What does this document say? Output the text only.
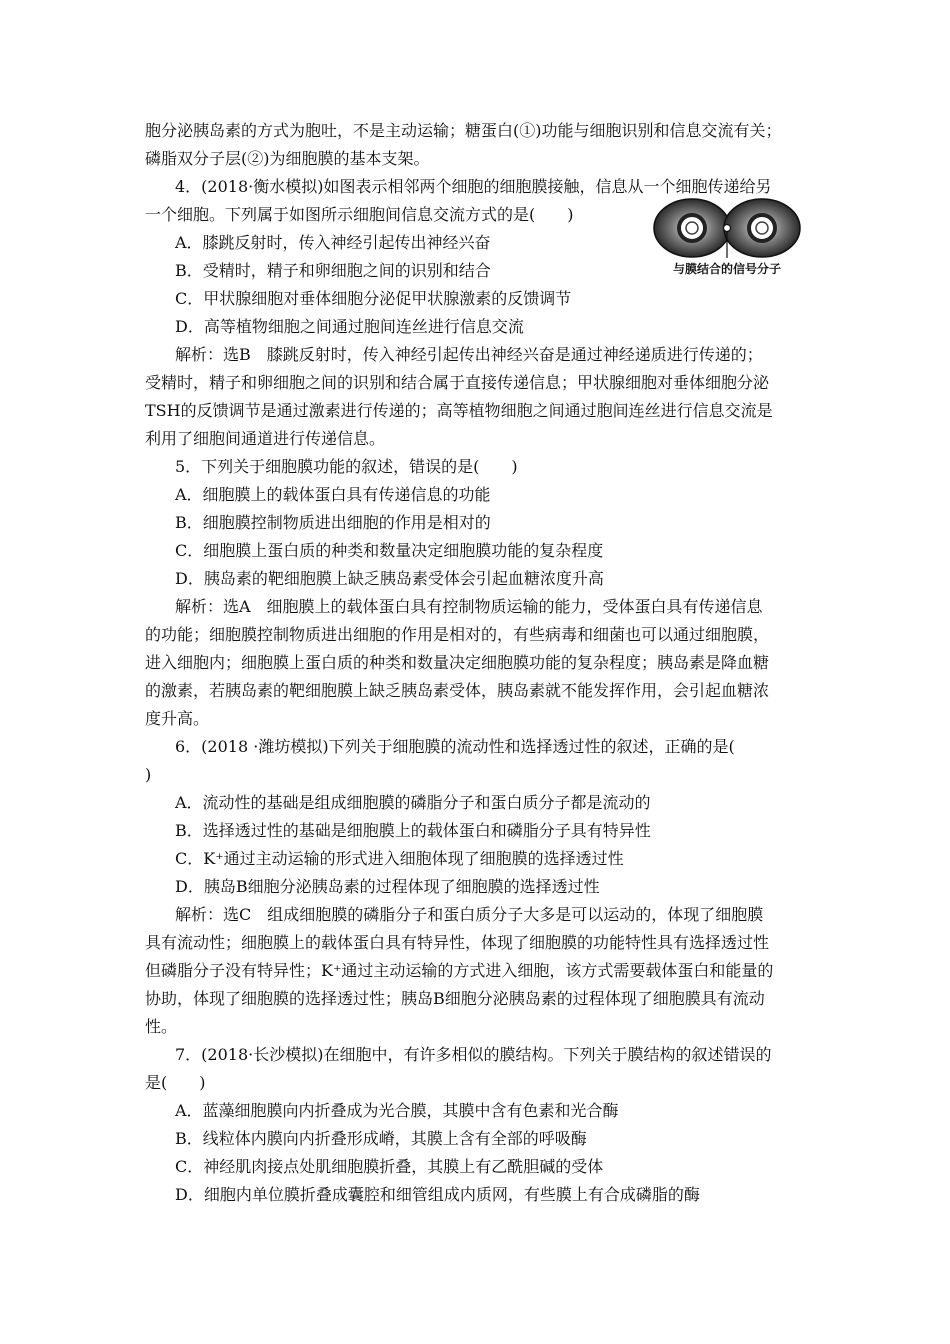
胞分泌胰岛素的方式为胞吐，不是主动运输；糖蛋白(①)功能与细胞识别和信息交流有关；
磷脂双分子层(②)为细胞膜的基本支架。
4．(2018·衡水模拟)如图表示相邻两个细胞的细胞膜接触，信息从一个细胞传递给另
一个细胞。下列属于如图所示细胞间信息交流方式的是(　　)
A．膝跳反射时，传入神经引起传出神经兴奋
B．受精时，精子和卵细胞之间的识别和结合
C．甲状腺细胞对垂体细胞分泌促甲状腺激素的反馈调节
D．高等植物细胞之间通过胞间连丝进行信息交流
解析：选B　膝跳反射时，传入神经引起传出神经兴奋是通过神经递质进行传递的；
受精时，精子和卵细胞之间的识别和结合属于直接传递信息；甲状腺细胞对垂体细胞分泌
TSH的反馈调节是通过激素进行传递的；高等植物细胞之间通过胞间连丝进行信息交流是
利用了细胞间通道进行传递信息。
5．下列关于细胞膜功能的叙述，错误的是(　　)
A．细胞膜上的载体蛋白具有传递信息的功能
B．细胞膜控制物质进出细胞的作用是相对的
C．细胞膜上蛋白质的种类和数量决定细胞膜功能的复杂程度
D．胰岛素的靶细胞膜上缺乏胰岛素受体会引起血糖浓度升高
解析：选A　细胞膜上的载体蛋白具有控制物质运输的能力，受体蛋白具有传递信息
的功能；细胞膜控制物质进出细胞的作用是相对的，有些病毒和细菌也可以通过细胞膜，
进入细胞内；细胞膜上蛋白质的种类和数量决定细胞膜功能的复杂程度；胰岛素是降血糖
的激素，若胰岛素的靶细胞膜上缺乏胰岛素受体，胰岛素就不能发挥作用，会引起血糖浓
度升高。
6．(2018 ·潍坊模拟)下列关于细胞膜的流动性和选择透过性的叙述，正确的是(
)
A．流动性的基础是组成细胞膜的磷脂分子和蛋白质分子都是流动的
B．选择透过性的基础是细胞膜上的载体蛋白和磷脂分子具有特异性
C．K⁺通过主动运输的形式进入细胞体现了细胞膜的选择透过性
D．胰岛B细胞分泌胰岛素的过程体现了细胞膜的选择透过性
解析：选C　组成细胞膜的磷脂分子和蛋白质分子大多是可以运动的，体现了细胞膜
具有流动性；细胞膜上的载体蛋白具有特异性，体现了细胞膜的功能特性具有选择透过性
但磷脂分子没有特异性；K⁺通过主动运输的方式进入细胞，该方式需要载体蛋白和能量的
协助，体现了细胞膜的选择透过性；胰岛B细胞分泌胰岛素的过程体现了细胞膜具有流动
性。
7．(2018·长沙模拟)在细胞中，有许多相似的膜结构。下列关于膜结构的叙述错误的
是(　　)
A．蓝藻细胞膜向内折叠成为光合膜，其膜中含有色素和光合酶
B．线粒体内膜向内折叠形成嵴，其膜上含有全部的呼吸酶
C．神经肌肉接点处肌细胞膜折叠，其膜上有乙酰胆碱的受体
D．细胞内单位膜折叠成囊腔和细管组成内质网，有些膜上有合成磷脂的酶
与膜结合的信号分子
